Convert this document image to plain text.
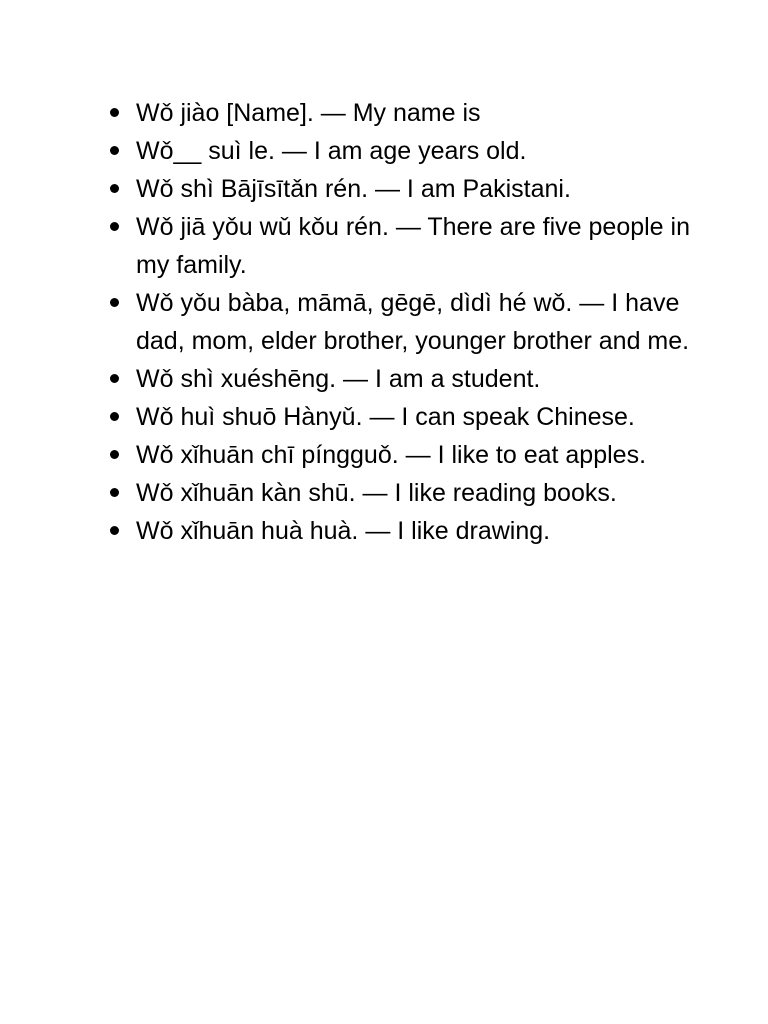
Wǒ jiào [Name]. — My name is
Wǒ__ suì le. — I am age years old.
Wǒ shì Bājīsītǎn rén. — I am Pakistani.
Wǒ jiā yǒu wǔ kǒu rén. — There are five people in my family.
Wǒ yǒu bàba, māmā, gēgē, dìdì hé wǒ. — I have dad, mom, elder brother, younger brother and me.
Wǒ shì xuéshēng. — I am a student.
Wǒ huì shuō Hànyǔ. — I can speak Chinese.
Wǒ xǐhuān chī píngguǒ. — I like to eat apples.
Wǒ xǐhuān kàn shū. — I like reading books.
Wǒ xǐhuān huà huà. — I like drawing.
